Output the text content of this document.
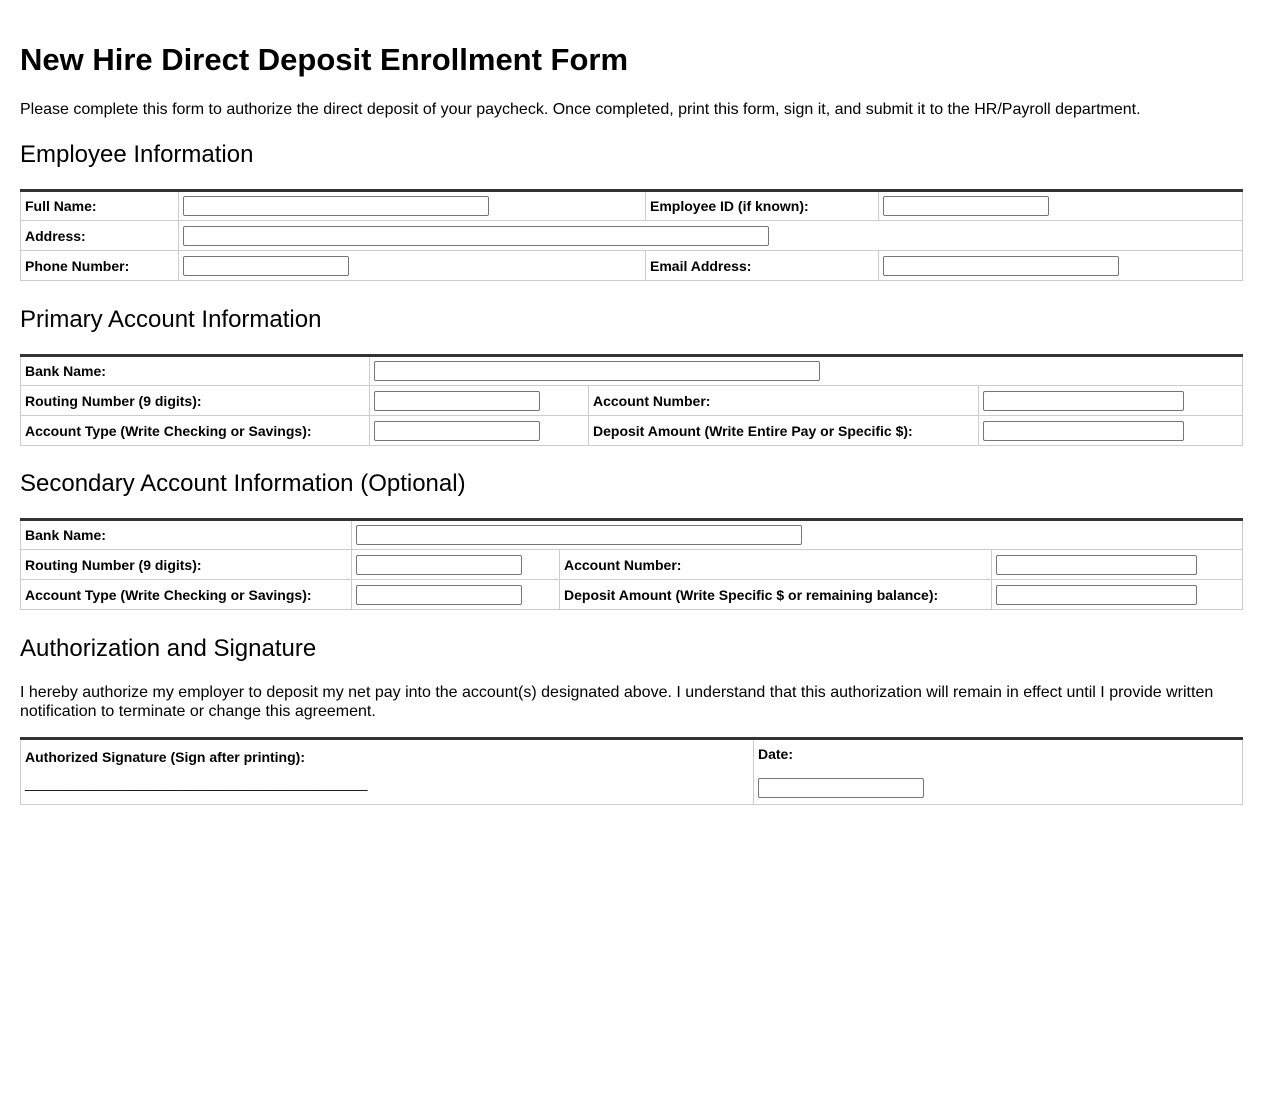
New Hire Direct Deposit Enrollment Form
Please complete this form to authorize the direct deposit of your paycheck. Once completed, print this form, sign it, and submit it to the HR/Payroll department.
Employee Information
Full Name:		Employee ID (if known):	

Address:	

Phone Number:		Email Address:	
Primary Account Information
Bank Name:	

Routing Number (9 digits):		Account Number:	

Account Type (Write Checking or Savings):		Deposit Amount (Write Entire Pay or Specific $):	
Secondary Account Information (Optional)
Bank Name:	

Routing Number (9 digits):		Account Number:	

Account Type (Write Checking or Savings):		Deposit Amount (Write Specific $ or remaining balance):	
Authorization and Signature
I hereby authorize my employer to deposit my net pay into the account(s) designated above. I understand that this authorization will remain in effect until I provide written notification to terminate or change this agreement.
Authorized Signature (Sign after printing):
____________________________________________

Date:
